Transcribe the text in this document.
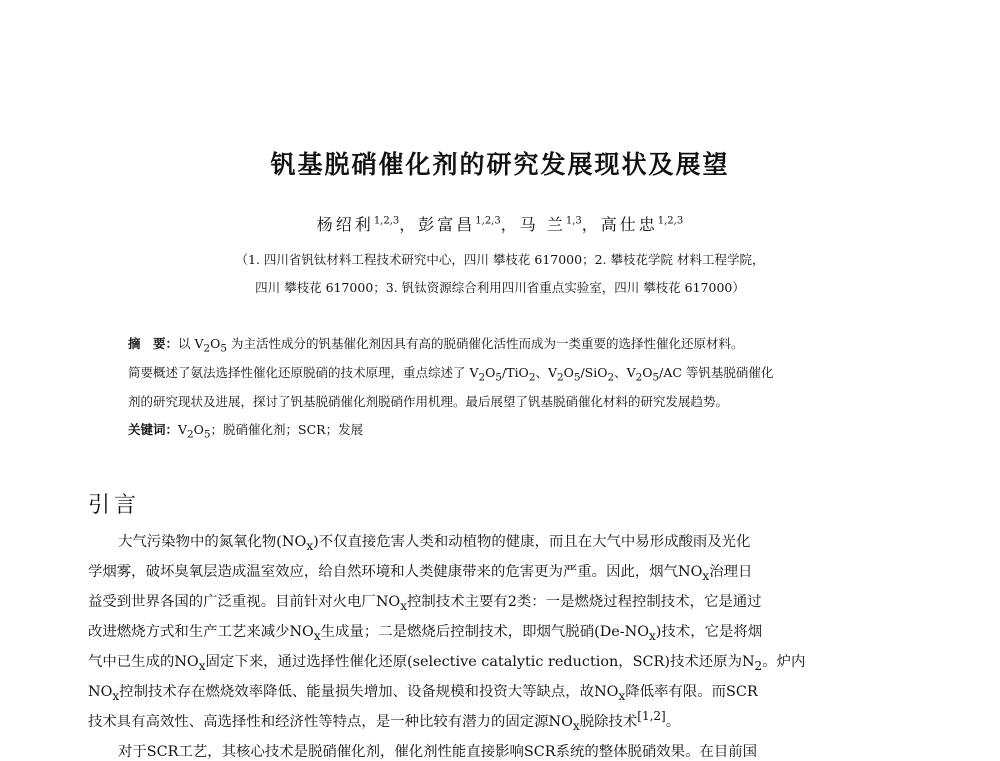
钒基脱硝催化剂的研究发展现状及展望
杨绍利$^{1,2,3}$，彭富昌$^{1,2,3}$，马 兰$^{1,3}$，高仕忠$^{1,2,3}$
（1. 四川省钒钛材料工程技术研究中心，四川 攀枝花 617000；2. 攀枝花学院 材料工程学院，
四川 攀枝花 617000；3. 钒钛资源综合利用四川省重点实验室，四川 攀枝花 617000）
摘　要：以 $V_2O_5$ 为主活性成分的钒基催化剂因具有高的脱硝催化活性而成为一类重要的选择性催化还原材料。
简要概述了氨法选择性催化还原脱硝的技术原理，重点综述了 $V_2O_5/TiO_2$、$V_2O_5/SiO_2$、$V_2O_5/AC$ 等钒基脱硝催化
剂的研究现状及进展，探讨了钒基脱硝催化剂脱硝作用机理。最后展望了钒基脱硝催化材料的研究发展趋势。
关键词：$V_2O_5$；脱硝催化剂；SCR；发展
引言
大气污染物中的氮氧化物$(NO_x)$不仅直接危害人类和动植物的健康，而且在大气中易形成酸雨及光化
学烟雾，破坏臭氧层造成温室效应，给自然环境和人类健康带来的危害更为严重。因此，烟气$NO_x$治理日
益受到世界各国的广泛重视。目前针对火电厂$NO_x$控制技术主要有2类：一是燃烧过程控制技术，它是通过
改进燃烧方式和生产工艺来减少$NO_x$生成量；二是燃烧后控制技术，即烟气脱硝$(De-NO_x)$技术，它是将烟
气中已生成的$NO_x$固定下来，通过选择性催化还原(selective catalytic reduction，SCR)技术还原为$N_2$。炉内
$NO_x$控制技术存在燃烧效率降低、能量损失增加、设备规模和投资大等缺点，故$NO_x$降低率有限。而SCR
技术具有高效性、高选择性和经济性等特点，是一种比较有潜力的固定源$NO_x$脱除技术[1,2]。
对于SCR工艺，其核心技术是脱硝催化剂，催化剂性能直接影响SCR系统的整体脱硝效果。在目前国
